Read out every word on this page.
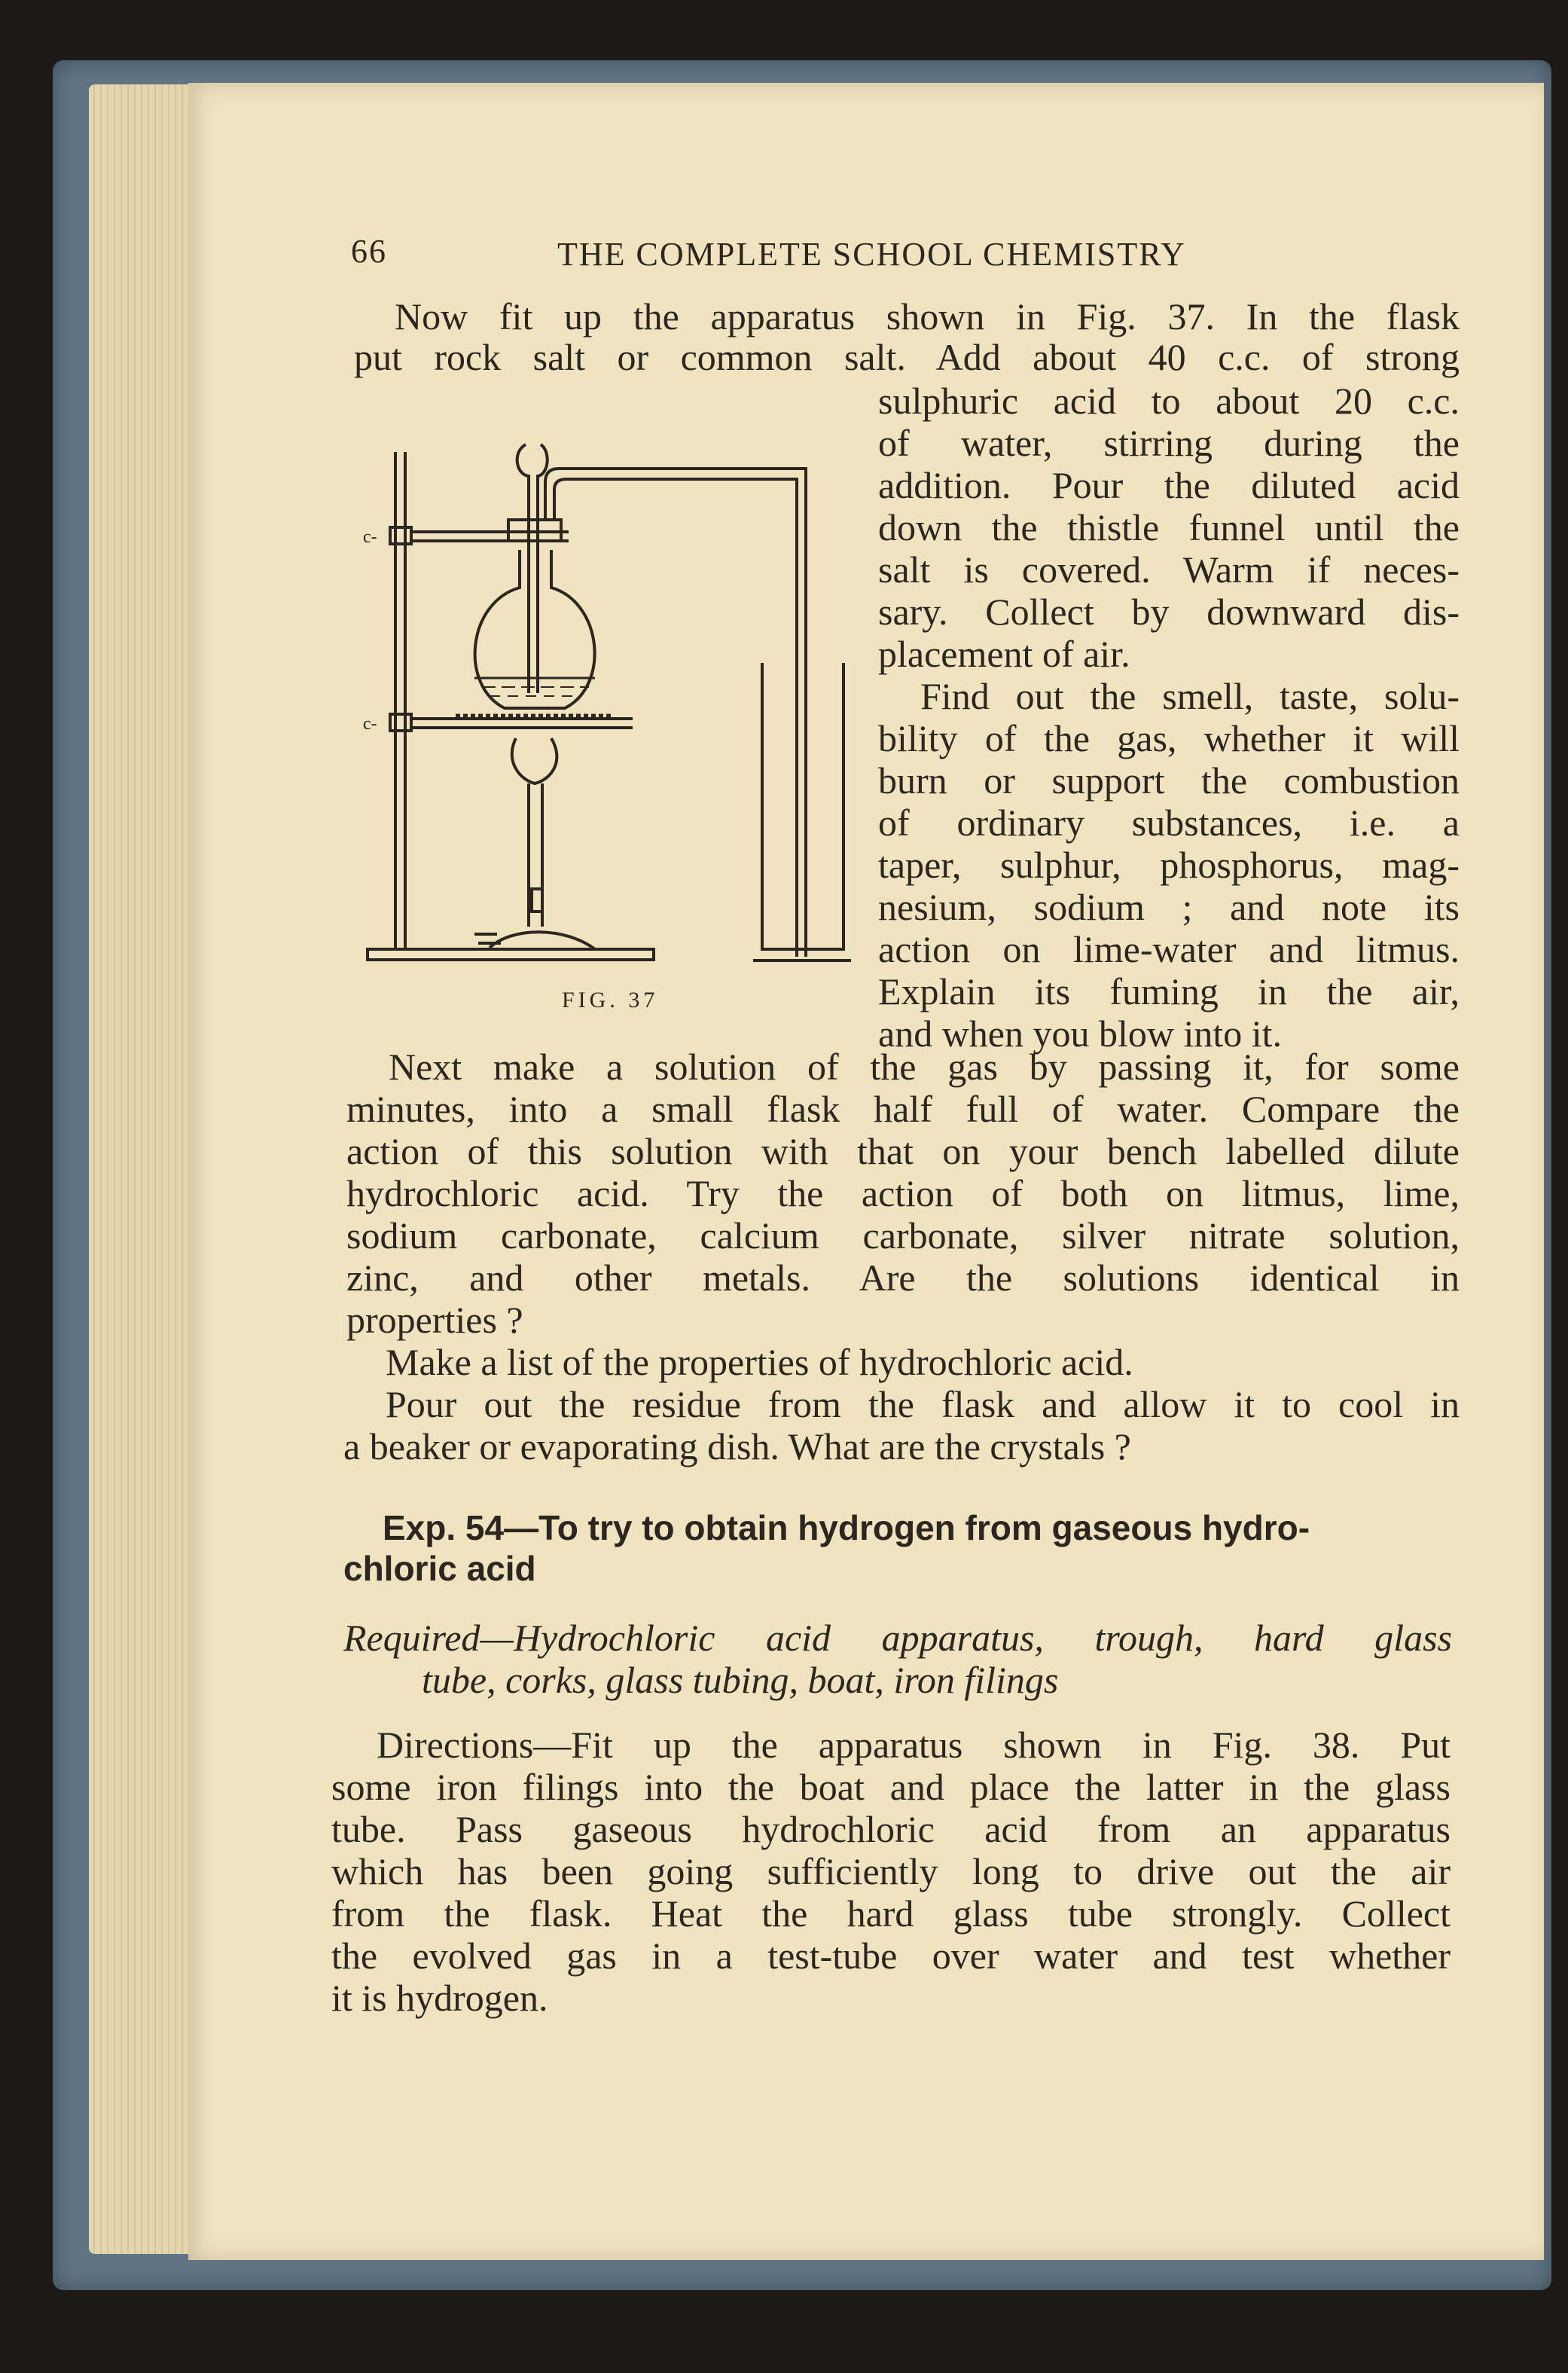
66	THE COMPLETE SCHOOL CHEMISTRY
Now fit up the apparatus shown in Fig. 37. In the flask
put rock salt or common salt. Add about 40 c.c. of strong
sulphuric acid to about 20 c.c.
of water, stirring during the
addition. Pour the diluted acid
down the thistle funnel until the
salt is covered. Warm if neces-
sary. Collect by downward dis-
placement of air.
Find out the smell, taste, solu-
bility of the gas, whether it will
burn or support the combustion
of ordinary substances, i.e. a
taper, sulphur, phosphorus, mag-
nesium, sodium ; and note its
action on lime-water and litmus.
Explain its fuming in the air,
and when you blow into it.
c-
c-
FIG. 37
Next make a solution of the gas by passing it, for some
minutes, into a small flask half full of water. Compare the
action of this solution with that on your bench labelled dilute
hydrochloric acid. Try the action of both on litmus, lime,
sodium carbonate, calcium carbonate, silver nitrate solution,
zinc, and other metals. Are the solutions identical in
properties ?
Make a list of the properties of hydrochloric acid.
Pour out the residue from the flask and allow it to cool in
a beaker or evaporating dish. What are the crystals ?
Exp. 54—To try to obtain hydrogen from gaseous hydro-
chloric acid
Required—Hydrochloric acid apparatus, trough, hard glass
tube, corks, glass tubing, boat, iron filings
Directions—Fit up the apparatus shown in Fig. 38. Put
some iron filings into the boat and place the latter in the glass
tube. Pass gaseous hydrochloric acid from an apparatus
which has been going sufficiently long to drive out the air
from the flask. Heat the hard glass tube strongly. Collect
the evolved gas in a test-tube over water and test whether
it is hydrogen.
